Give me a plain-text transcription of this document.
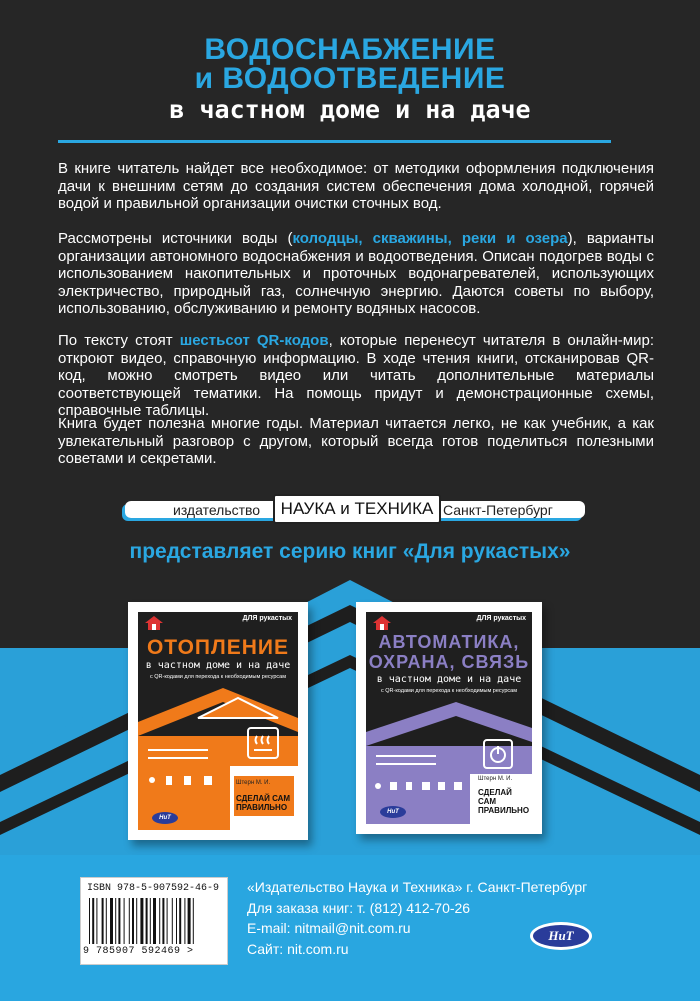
ВОДОСНАБЖЕНИЕ
и ВОДООТВЕДЕНИЕ
в частном доме и на даче

В книге читатель найдет все необходимое: от методики оформления подключения дачи к внешним сетям до создания систем обеспечения дома холодной, горячей водой и правильной организации очистки сточных вод.

Рассмотрены источники воды (колодцы, скважины, реки и озера), варианты организации автономного водоснабжения и водоотведения. Описан подогрев воды с использованием накопительных и проточных водонагревателей, использующих электричество, природный газ, солнечную энергию. Даются советы по выбору, использованию, обслуживанию и ремонту водяных насосов.

По тексту стоят шестьсот QR-кодов, которые перенесут читателя в онлайн-мир: откроют видео, справочную информацию. В ходе чтения книги, отсканировав QR-код, можно смотреть видео или читать дополнительные материалы соответствующей тематики. На помощь придут и демонстрационные схемы, справочные таблицы.

Книга будет полезна многие годы. Материал читается легко, не как учебник, а как увлекательный разговор с другом, который всегда готов поделиться полезными советами и секретами.

издательство	НАУКА и ТЕХНИКА Санкт-Петербург
представляет серию книг «Для рукастых»
ДЛЯ рукастых
ОТОПЛЕНИЕ
в частном доме и на даче
с QR-кодами для перехода к необходимым ресурсам
Штерн М. И.
СДЕЛАЙ САМ
ПРАВИЛЬНО
НиТ
ДЛЯ рукастых
АВТОМАТИКА,
ОХРАНА, СВЯЗЬ
в частном доме и на даче
с QR-кодами для перехода к необходимым ресурсам
Штерн М. И.
СДЕЛАЙ САМ
ПРАВИЛЬНО
НиТ
ISBN 978-5-907592-46-9
9 785907 592469 >
«Издательство Наука и Техника» г. Санкт-Петербург
Для заказа книг: т. (812) 412-70-26
E-mail: nitmail@nit.com.ru
Сайт: nit.com.ru
НиТ
